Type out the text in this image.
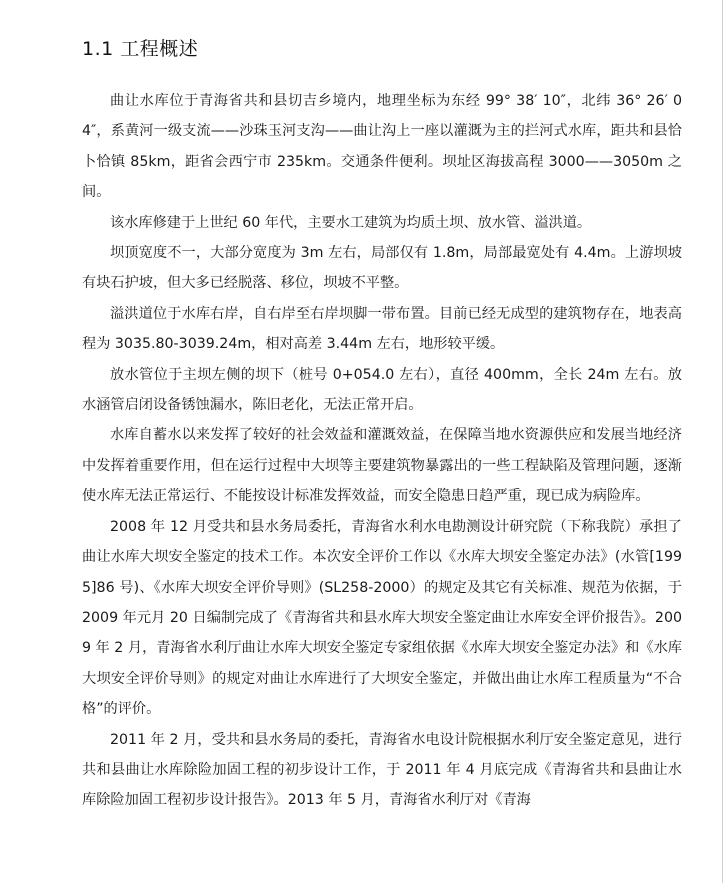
1.1 工程概述

曲让水库位于青海省共和县切吉乡境内，地理坐标为东经 99° 38′ 10″，北纬 36° 26′ 04″，系黄河一级支流——沙珠玉河支沟——曲让沟上一座以灌溉为主的拦河式水库，距共和县恰卜恰镇 85km，距省会西宁市 235km。交通条件便利。坝址区海拔高程 3000——3050m 之间。

该水库修建于上世纪 60 年代，主要水工建筑为均质土坝、放水管、溢洪道。

坝顶宽度不一，大部分宽度为 3m 左右，局部仅有 1.8m，局部最宽处有 4.4m。上游坝坡有块石护坡，但大多已经脱落、移位，坝坡不平整。

溢洪道位于水库右岸，自右岸至右岸坝脚一带布置。目前已经无成型的建筑物存在，地表高程为 3035.80-3039.24m，相对高差 3.44m 左右，地形较平缓。

放水管位于主坝左侧的坝下（桩号 0+054.0 左右），直径 400mm，全长 24m 左右。放水涵管启闭设备锈蚀漏水，陈旧老化，无法正常开启。

水库自蓄水以来发挥了较好的社会效益和灌溉效益，在保障当地水资源供应和发展当地经济中发挥着重要作用，但在运行过程中大坝等主要建筑物暴露出的一些工程缺陷及管理问题，逐渐使水库无法正常运行、不能按设计标准发挥效益，而安全隐患日趋严重，现已成为病险库。

2008 年 12 月受共和县水务局委托，青海省水利水电勘测设计研究院（下称我院）承担了曲让水库大坝安全鉴定的技术工作。本次安全评价工作以《水库大坝安全鉴定办法》(水管[1995]86 号)、《水库大坝安全评价导则》(SL258-2000）的规定及其它有关标准、规范为依据，于 2009 年元月 20 日编制完成了《青海省共和县水库大坝安全鉴定曲让水库安全评价报告》。2009 年 2 月，青海省水利厅曲让水库大坝安全鉴定专家组依据《水库大坝安全鉴定办法》和《水库大坝安全评价导则》的规定对曲让水库进行了大坝安全鉴定，并做出曲让水库工程质量为“不合格”的评价。

2011 年 2 月，受共和县水务局的委托，青海省水电设计院根据水利厅安全鉴定意见，进行共和县曲让水库除险加固工程的初步设计工作，于 2011 年 4 月底完成《青海省共和县曲让水库除险加固工程初步设计报告》。2013 年 5 月，青海省水利厅对《青海
